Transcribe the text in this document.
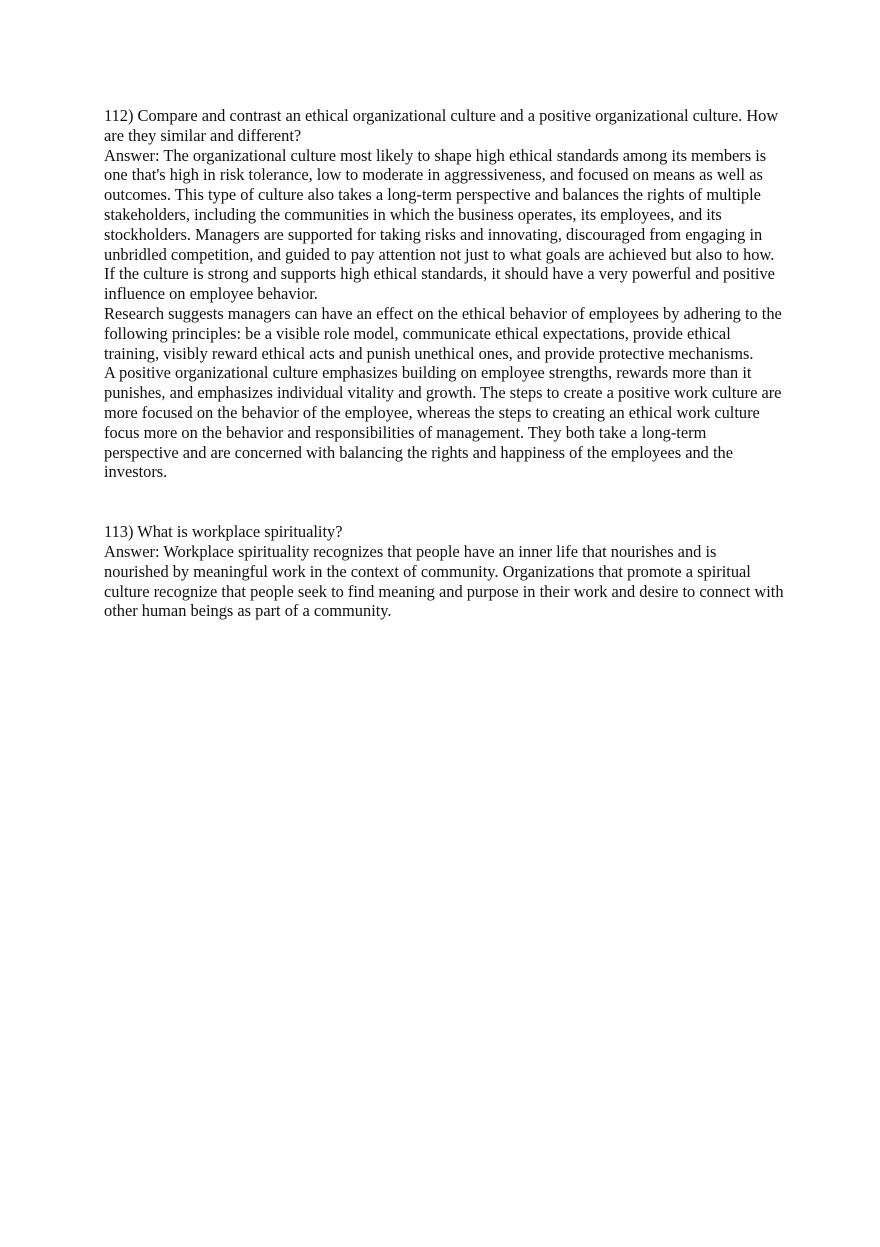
112) Compare and contrast an ethical organizational culture and a positive organizational culture. How are they similar and different?

Answer: The organizational culture most likely to shape high ethical standards among its members is one that's high in risk tolerance, low to moderate in aggressiveness, and focused on means as well as outcomes. This type of culture also takes a long-term perspective and balances the rights of multiple stakeholders, including the communities in which the business operates, its employees, and its stockholders. Managers are supported for taking risks and innovating, discouraged from engaging in unbridled competition, and guided to pay attention not just to what goals are achieved but also to how. If the culture is strong and supports high ethical standards, it should have a very powerful and positive influence on employee behavior.

Research suggests managers can have an effect on the ethical behavior of employees by adhering to the following principles: be a visible role model, communicate ethical expectations, provide ethical training, visibly reward ethical acts and punish unethical ones, and provide protective mechanisms.

A positive organizational culture emphasizes building on employee strengths, rewards more than it punishes, and emphasizes individual vitality and growth. The steps to create a positive work culture are more focused on the behavior of the employee, whereas the steps to creating an ethical work culture focus more on the behavior and responsibilities of management. They both take a long-term perspective and are concerned with balancing the rights and happiness of the employees and the investors.

113) What is workplace spirituality?

Answer: Workplace spirituality recognizes that people have an inner life that nourishes and is nourished by meaningful work in the context of community. Organizations that promote a spiritual culture recognize that people seek to find meaning and purpose in their work and desire to connect with other human beings as part of a community.
